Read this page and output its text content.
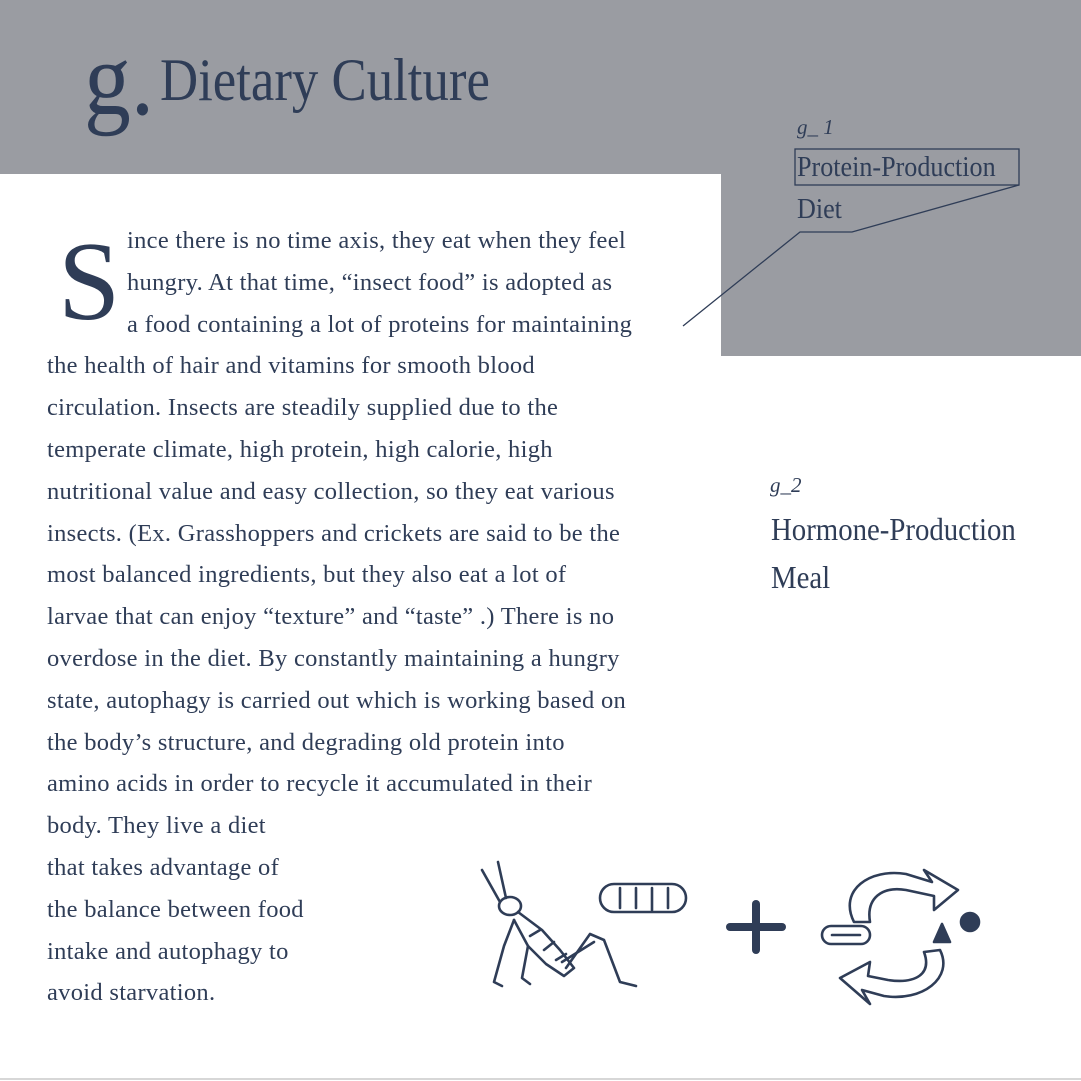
g. Dietary Culture
g_ 1
Protein-Production
Diet
g_2
Hormone-Production
Meal
S ince there is no time axis, they eat when they feel
hungry. At that time, “insect food” is adopted as
a food containing a lot of proteins for maintaining
the health of hair and vitamins for smooth blood
circulation. Insects are steadily supplied due to the
temperate climate, high protein, high calorie, high
nutritional value and easy collection, so they eat various
insects. (Ex. Grasshoppers and crickets are said to be the
most balanced ingredients, but they also eat a lot of
larvae that can enjoy “texture” and “taste” .) There is no
overdose in the diet. By constantly maintaining a hungry
state, autophagy is carried out which is working based on
the body’s structure, and degrading old protein into
amino acids in order to recycle it accumulated in their
body. They live a diet
that takes advantage of
the balance between food
intake and autophagy to
avoid starvation.
